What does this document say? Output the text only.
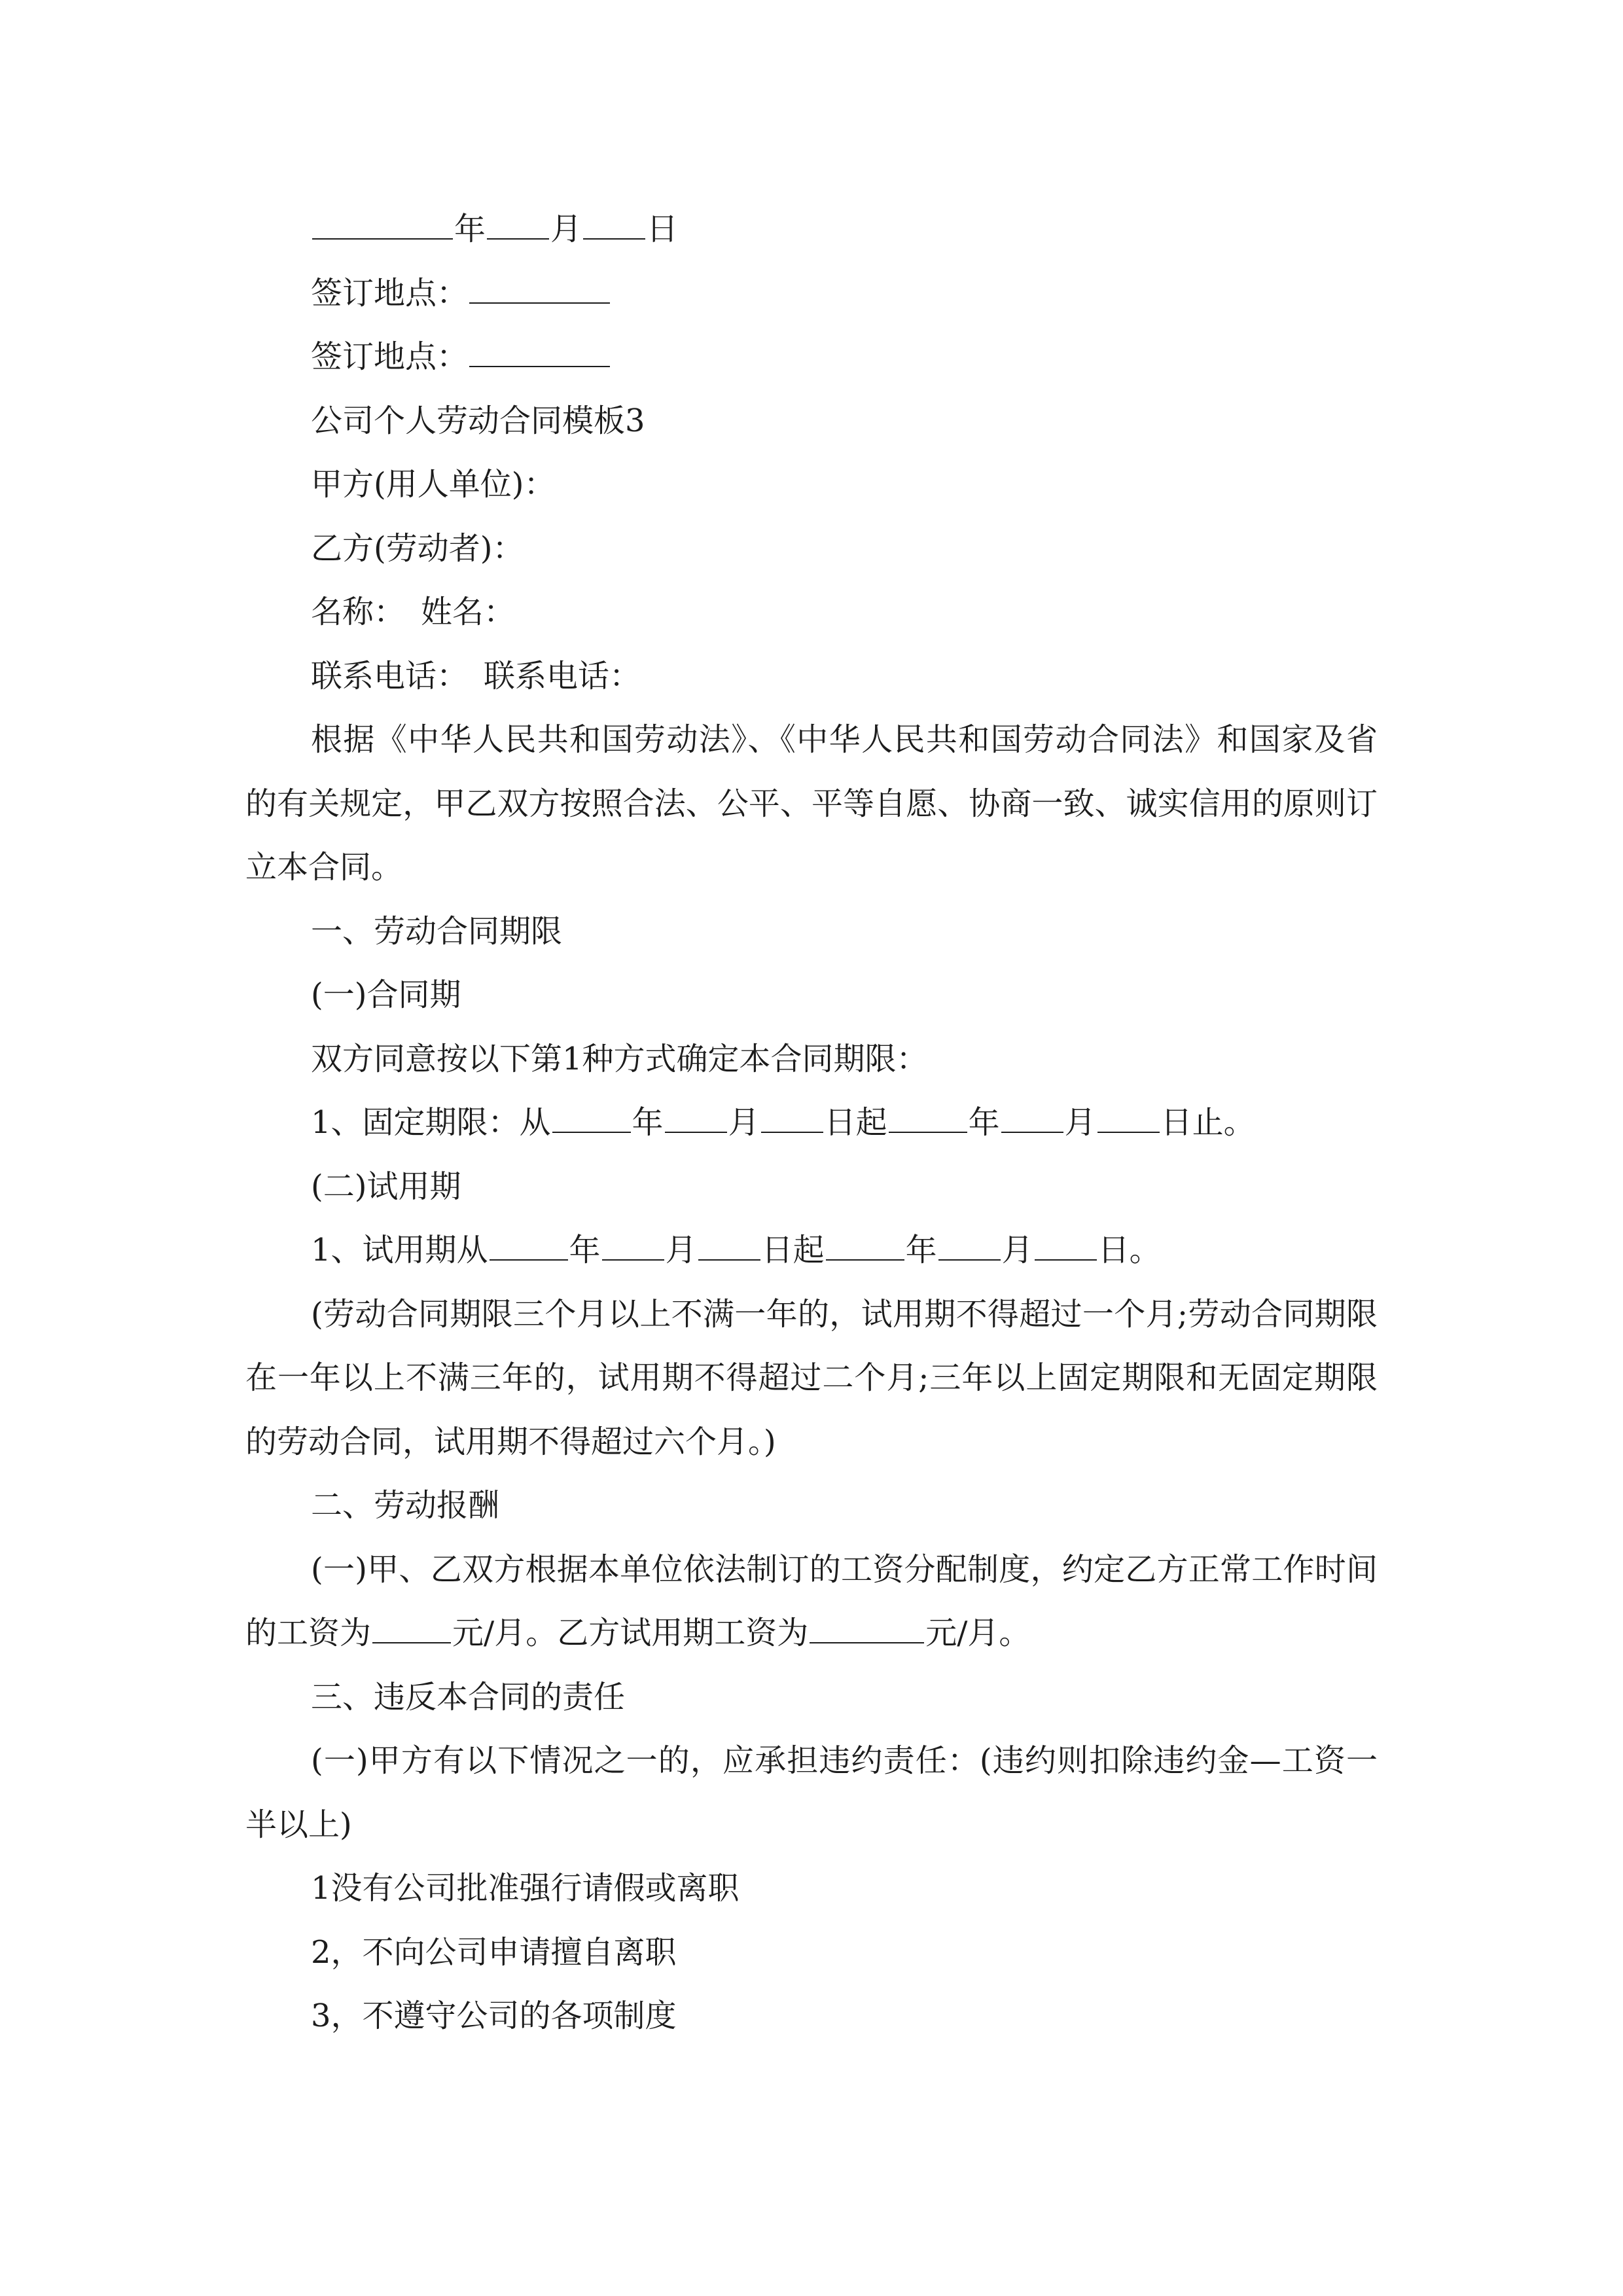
年 月 日
签订地点：
签订地点：
公司个人劳动合同模板3
甲方(用人单位)：
乙方(劳动者)：
名称：　姓名：
联系电话：　联系电话：
根据《中华人民共和国劳动法》、《中华人民共和国劳动合同法》和国家及省的有关规定，甲乙双方按照合法、公平、平等自愿、协商一致、诚实信用的原则订立本合同。
一、劳动合同期限
(一)合同期
双方同意按以下第1种方式确定本合同期限：
1、固定期限：从	年 月 日起	年 月 日止。
(二)试用期
1、试用期从	年 月 日起	年 月 日。
(劳动合同期限三个月以上不满一年的，试用期不得超过一个月;劳动合同期限在一年以上不满三年的，试用期不得超过二个月;三年以上固定期限和无固定期限的劳动合同，试用期不得超过六个月。)
二、劳动报酬
(一)甲、乙双方根据本单位依法制订的工资分配制度，约定乙方正常工作时间的工资为	元/月。乙方试用期工资为	元/月。
三、违反本合同的责任
(一)甲方有以下情况之一的，应承担违约责任：(违约则扣除违约金—工资一半以上)
1没有公司批准强行请假或离职
2，不向公司申请擅自离职
3，不遵守公司的各项制度
